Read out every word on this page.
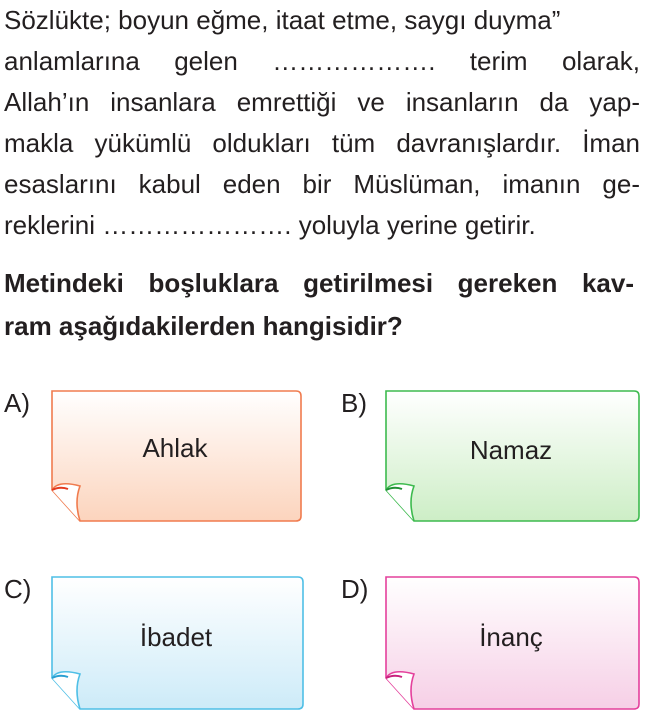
Sözlükte; boyun eğme, itaat etme, saygı duyma”
anlamlarına gelen ………………. terim olarak,
Allah’ın insanlara emrettiği ve insanların da yap-
makla yükümlü oldukları tüm davranışlardır. İman
esaslarını kabul eden bir Müslüman, imanın ge-
reklerini …………………. yoluyla yerine getirir.
Metindeki boşluklara getirilmesi gereken kav-
ram aşağıdakilerden hangisidir?
A)
Ahlak
B)
Namaz
C)
İbadet
D)
İnanç
